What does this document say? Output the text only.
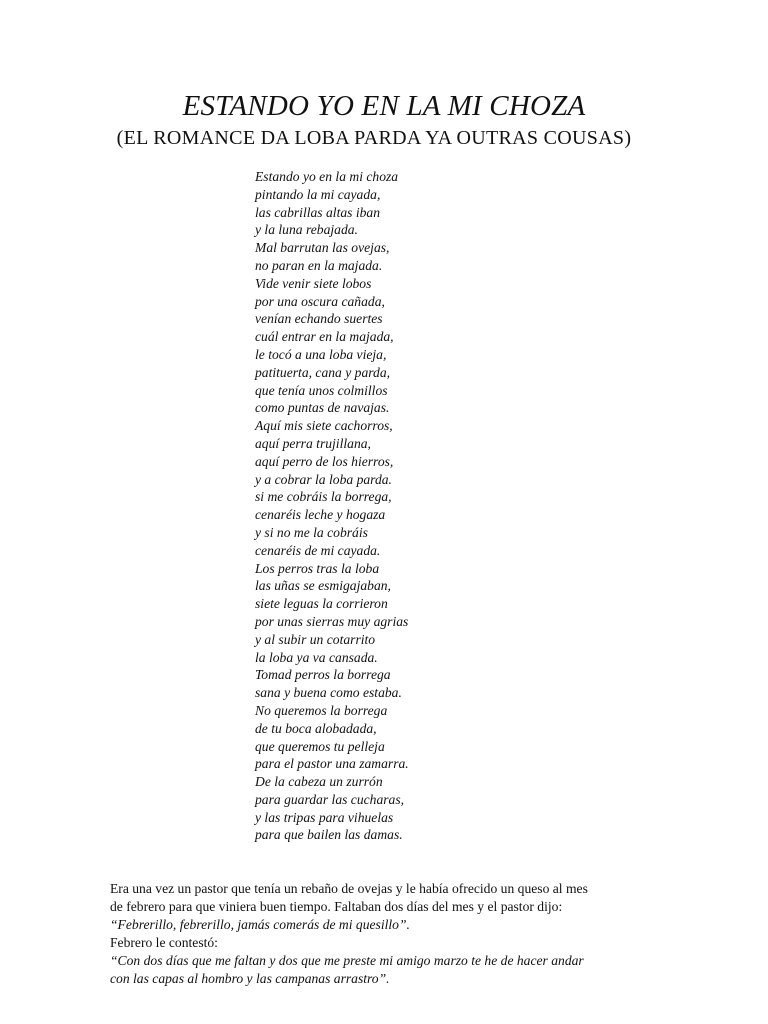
ESTANDO YO EN LA MI CHOZA
(EL ROMANCE DA LOBA PARDA YA OUTRAS COUSAS)
Estando yo en la mi choza
pintando la mi cayada,
las cabrillas altas iban
y la luna rebajada.
Mal barrutan las ovejas,
no paran en la majada.
Vide venir siete lobos
por una oscura cañada,
venían echando suertes
cuál entrar en la majada,
le tocó a una loba vieja,
patituerta, cana y parda,
que tenía unos colmillos
como puntas de navajas.
Aquí mis siete cachorros,
aquí perra trujillana,
aquí perro de los hierros,
y a cobrar la loba parda.
si me cobráis la borrega,
cenaréis leche y hogaza
y si no me la cobráis
cenaréis de mi cayada.
Los perros tras la loba
las uñas se esmigajaban,
siete leguas la corrieron
por unas sierras muy agrias
y al subir un cotarrito
la loba ya va cansada.
Tomad perros la borrega
sana y buena como estaba.
No queremos la borrega
de tu boca alobadada,
que queremos tu pelleja
para el pastor una zamarra.
De la cabeza un zurrón
para guardar las cucharas,
y las tripas para vihuelas
para que bailen las damas.

Era una vez un pastor que tenía un rebaño de ovejas y le había ofrecido un queso al mes

de febrero para que viniera buen tiempo. Faltaban dos días del mes y el pastor dijo:

“Febrerillo, febrerillo, jamás comerás de mi quesillo”.

Febrero le contestó:

“Con dos días que me faltan y dos que me preste mi amigo marzo te he de hacer andar

con las capas al hombro y las campanas arrastro”.
